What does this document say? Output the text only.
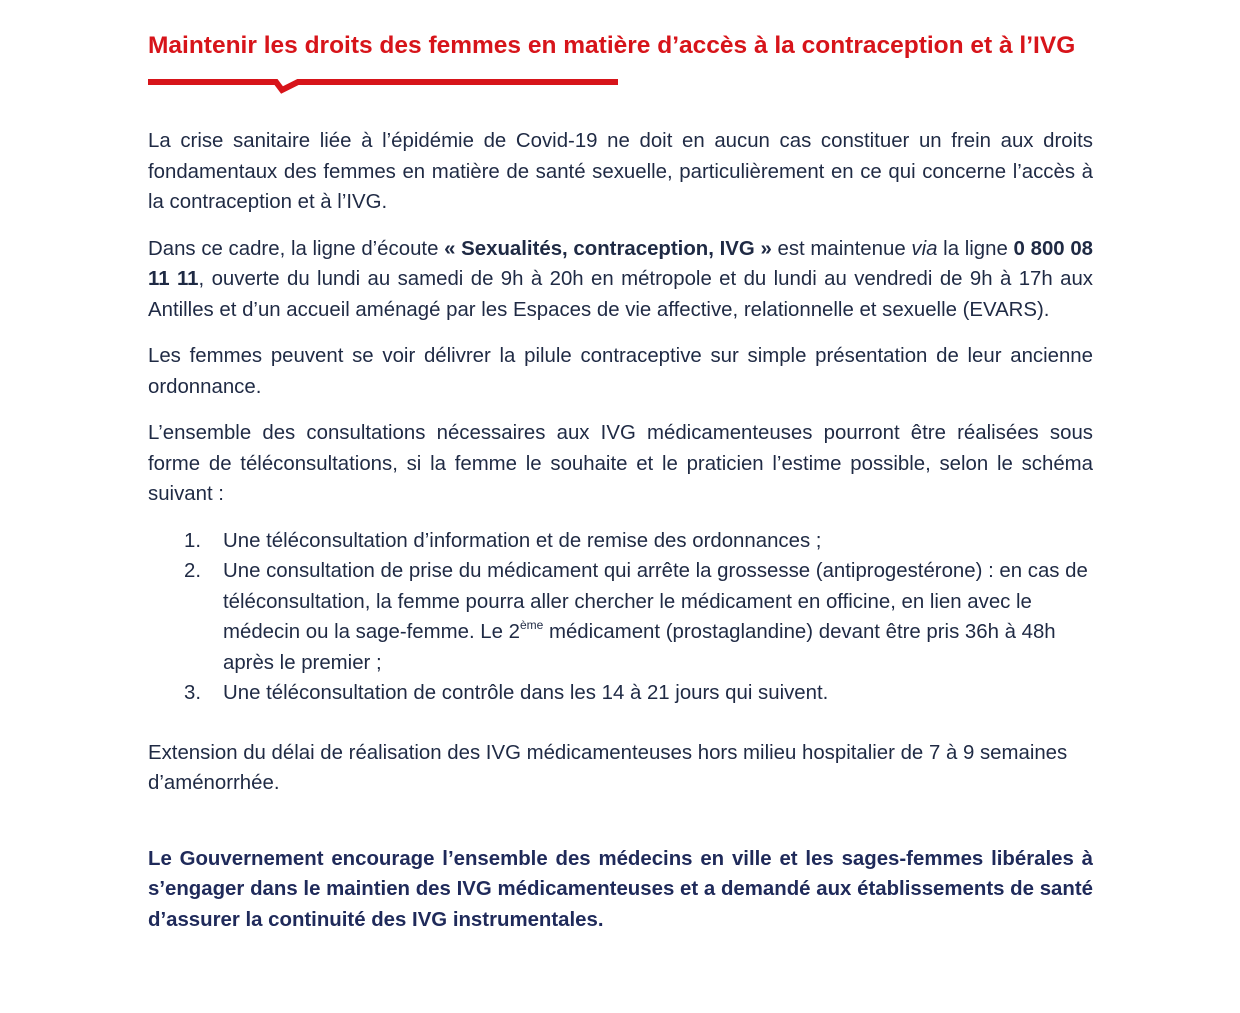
Maintenir les droits des femmes en matière d’accès à la contraception et à l’IVG

La crise sanitaire liée à l’épidémie de Covid-19 ne doit en aucun cas constituer un frein aux droits fondamentaux des femmes en matière de santé sexuelle, particulièrement en ce qui concerne l’accès à la contraception et à l’IVG.

Dans ce cadre, la ligne d’écoute « Sexualités, contraception, IVG » est maintenue via la ligne 0 800 08 11 11, ouverte du lundi au samedi de 9h à 20h en métropole et du lundi au vendredi de 9h à 17h aux Antilles et d’un accueil aménagé par les Espaces de vie affective, relationnelle et sexuelle (EVARS).

Les femmes peuvent se voir délivrer la pilule contraceptive sur simple présentation de leur ancienne ordonnance.

L’ensemble des consultations nécessaires aux IVG médicamenteuses pourront être réalisées sous forme de téléconsultations, si la femme le souhaite et le praticien l’estime possible, selon le schéma suivant :

1. Une téléconsultation d’information et de remise des ordonnances ;
2. Une consultation de prise du médicament qui arrête la grossesse (antiprogestérone) : en cas de téléconsultation, la femme pourra aller chercher le médicament en officine, en lien avec le médecin ou la sage-femme. Le 2ème médicament (prostaglandine) devant être pris 36h à 48h après le premier ;
3. Une téléconsultation de contrôle dans les 14 à 21 jours qui suivent.

Extension du délai de réalisation des IVG médicamenteuses hors milieu hospitalier de 7 à 9 semaines d’aménorrhée.

Le Gouvernement encourage l’ensemble des médecins en ville et les sages-femmes libérales à s’engager dans le maintien des IVG médicamenteuses et a demandé aux établissements de santé d’assurer la continuité des IVG instrumentales.
